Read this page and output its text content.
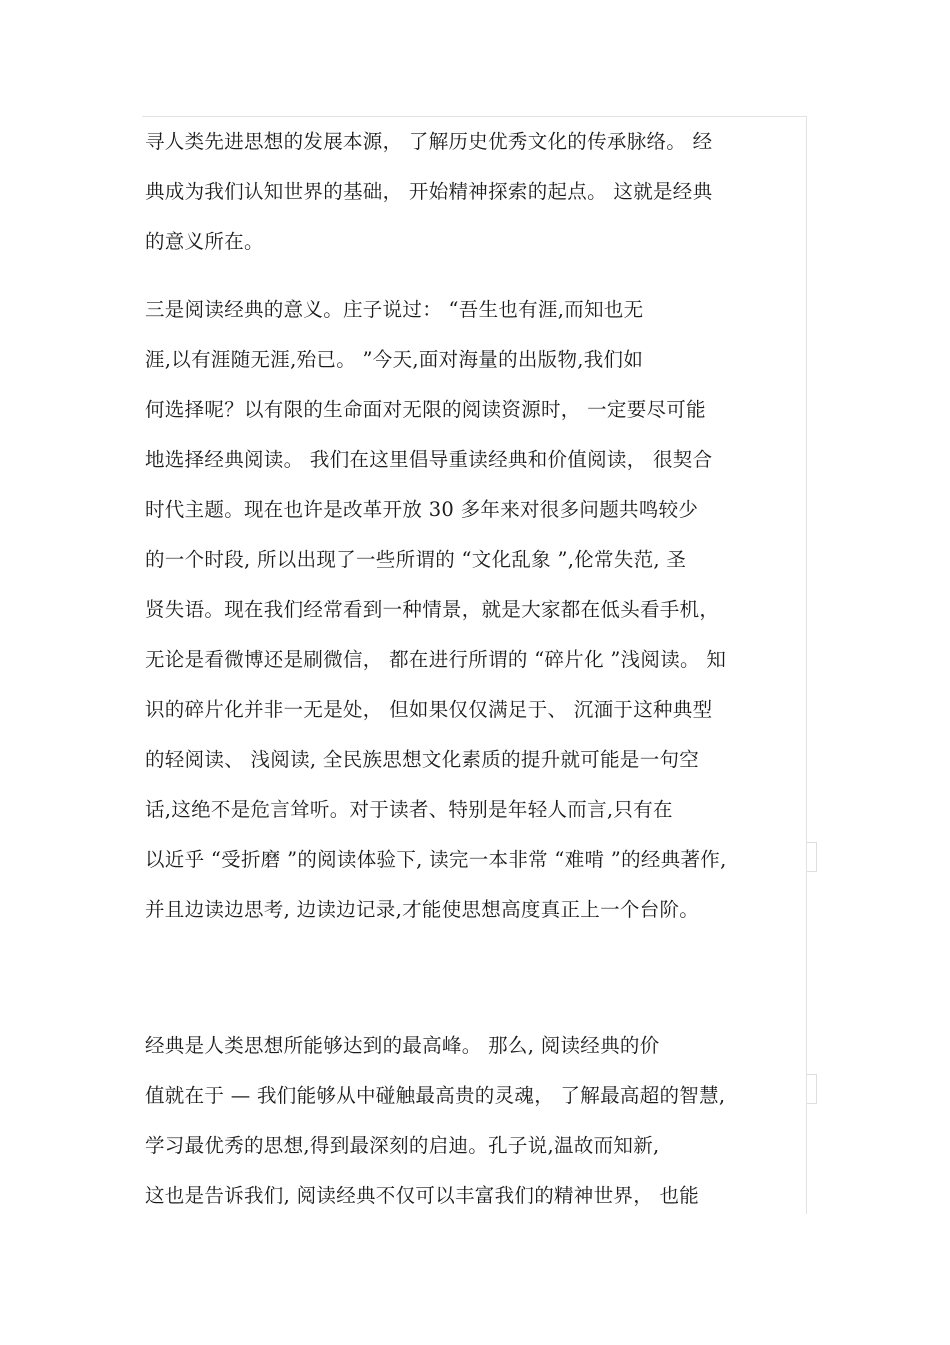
寻人类先进思想的发展本源， 了解历史优秀文化的传承脉络。 经
典成为我们认知世界的基础， 开始精神探索的起点。 这就是经典
的意义所在。
三是阅读经典的意义。庄子说过： “吾生也有涯,而知也无
涯,以有涯随无涯,殆已。 ”今天,面对海量的出版物,我们如
何选择呢？以有限的生命面对无限的阅读资源时， 一定要尽可能
地选择经典阅读。 我们在这里倡导重读经典和价值阅读， 很契合
时代主题。现在也许是改革开放 30 多年来对很多问题共鸣较少
的一个时段, 所以出现了一些所谓的 “文化乱象 ”,伦常失范, 圣
贤失语。现在我们经常看到一种情景，就是大家都在低头看手机，
无论是看微博还是刷微信， 都在进行所谓的 “碎片化 ”浅阅读。 知
识的碎片化并非一无是处， 但如果仅仅满足于、 沉湎于这种典型
的轻阅读、 浅阅读, 全民族思想文化素质的提升就可能是一句空
话,这绝不是危言耸听。对于读者、特别是年轻人而言,只有在
以近乎 “受折磨 ”的阅读体验下, 读完一本非常 “难啃 ”的经典著作,
并且边读边思考, 边读边记录,才能使思想高度真正上一个台阶。
经典是人类思想所能够达到的最高峰。 那么, 阅读经典的价
值就在于 — 我们能够从中碰触最高贵的灵魂， 了解最高超的智慧,
学习最优秀的思想,得到最深刻的启迪。孔子说,温故而知新,
这也是告诉我们, 阅读经典不仅可以丰富我们的精神世界， 也能
